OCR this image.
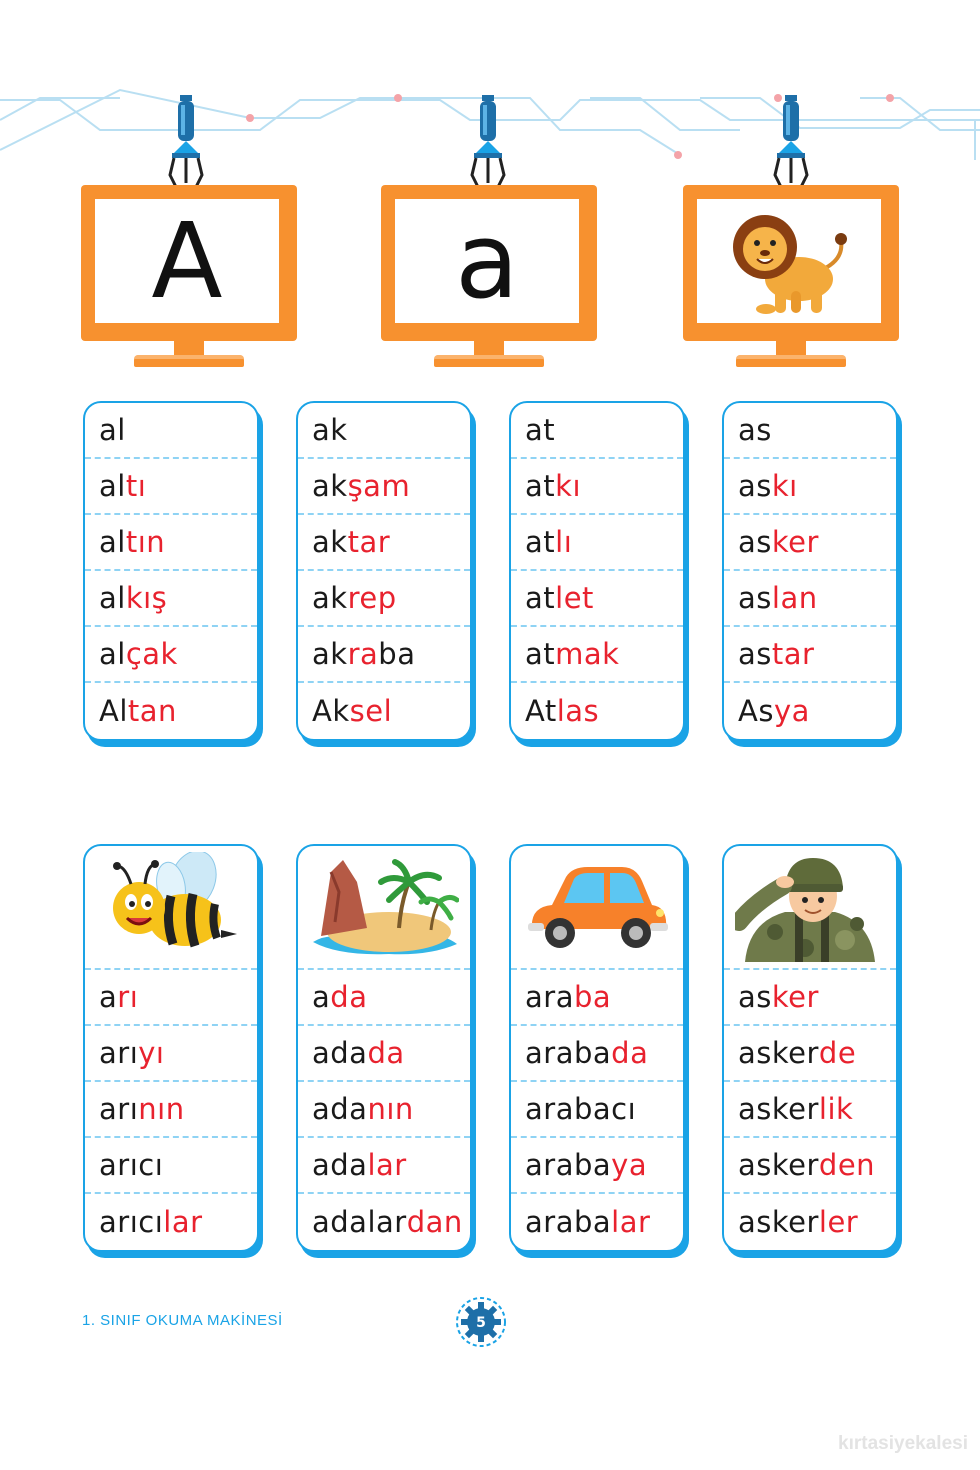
A a
al
al tı
al tın
al kış
al çak
Al tan
ak
ak şam
ak tar
ak rep
ak ra ba
Ak sel
at
at kı
at lı
at let
at mak
At las
as
as kı
as ker
as lan
as tar
As ya
a rı
arı yı
arı nın
arıcı
arıcı lar
a da
ada da
ada nın
ada lar
adalar dan
ara ba
araba da
arabacı
araba ya
araba lar
as ker
asker de
asker lik
asker den
asker ler
1. SINIF OKUMA MAKİNESİ	5
kırtasiyekalesi
